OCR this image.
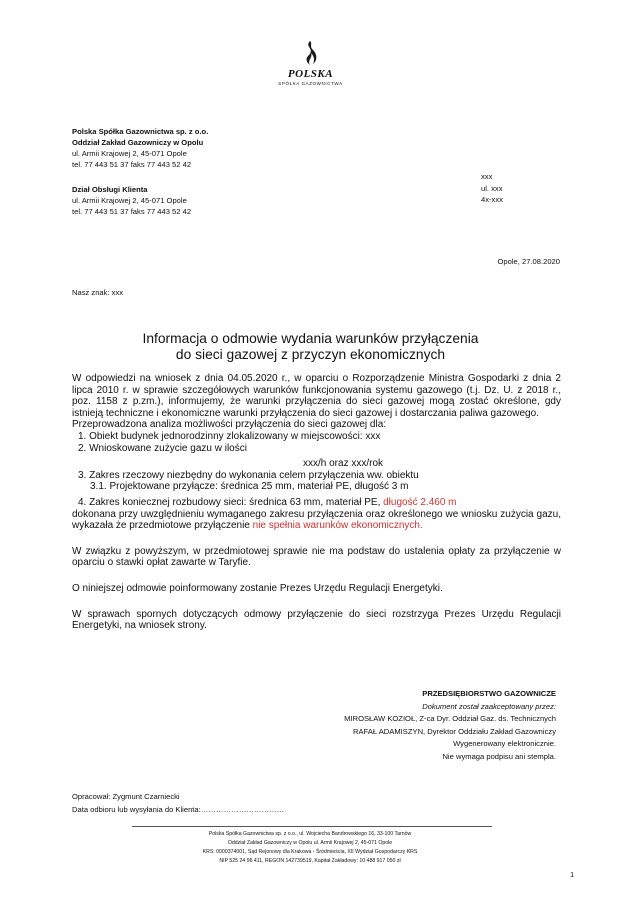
POLSKA
SPÓŁKA GAZOWNICTWA
Polska Spółka Gazownictwa sp. z o.o.
Oddział Zakład Gazowniczy w Opolu
ul. Armii Krajowej 2, 45-071 Opole
tel. 77 443 51 37 faks 77 443 52 42
Dział Obsługi Klienta
ul. Armii Krajowej 2, 45-071 Opole
tel. 77 443 51 37 faks 77 443 52 42
xxx
ul. xxx
4x-xxx
Opole, 27.08.2020
Nasz znak: xxx
Informacja o odmowie wydania warunków przyłączenia
do sieci gazowej z przyczyn ekonomicznych
W odpowiedzi na wniosek z dnia 04.05.2020 r., w oparciu o Rozporządzenie Ministra Gospodarki z dnia 2 lipca 2010 r. w sprawie szczegółowych warunków funkcjonowania systemu gazowego (t.j. Dz. U. z 2018 r., poz. 1158 z p.zm.), informujemy, że warunki przyłączenia do sieci gazowej mogą zostać określone, gdy istnieją techniczne i ekonomiczne warunki przyłączenia do sieci gazowej i dostarczania paliwa gazowego.
Przeprowadzona analiza możliwości przyłączenia do sieci gazowej dla:
1. Obiekt budynek jednorodzinny zlokalizowany w miejscowości: xxx
2. Wnioskowane zużycie gazu w ilości
xxx/h oraz xxx/rok
3. Zakres rzeczowy niezbędny do wykonania celem przyłączenia ww. obiektu
3.1. Projektowane przyłącze: średnica 25 mm, materiał PE, długość 3 m
4. Zakres koniecznej rozbudowy sieci: średnica 63 mm, materiał PE, długość 2.460 m
dokonana przy uwzględnieniu wymaganego zakresu przyłączenia oraz określonego we wniosku zużycia gazu, wykazała że przedmiotowe przyłączenie nie spełnia warunków ekonomicznych.
W związku z powyższym, w przedmiotowej sprawie nie ma podstaw do ustalenia opłaty za przyłączenie w oparciu o stawki opłat zawarte w Taryfie.
O niniejszej odmowie poinformowany zostanie Prezes Urzędu Regulacji Energetyki.
W sprawach spornych dotyczących odmowy przyłączenie do sieci rozstrzyga Prezes Urzędu Regulacji Energetyki, na wniosek strony.
PRZEDSIĘBIORSTWO GAZOWNICZE
Dokument został zaakceptowany przez:
MIROSŁAW KOZIOŁ, Z-ca Dyr. Oddział Gaz. ds. Technicznych
RAFAŁ ADAMISZYN, Dyrektor Oddziału Zakład Gazowniczy
Wygenerowany elektronicznie.
Nie wymaga podpisu ani stempla.
Opracował: Zygmunt Czarniecki
Data odbioru lub wysyłania do Klienta:……………………………
Polska Spółka Gazownictwa sp. z o.o., ul. Wojciecha Bandrowskiego 16, 33-100 Tarnów
Oddział Zakład Gazowniczy w Opolu ul. Armii Krajowej 2, 45-071 Opole
KRS: 0000374001, Sąd Rejonowy dla Krakowa - Śródmieścia, XII Wydział Gospodarczy KRS
NIP 525 24 96 411, REGON 142739519, Kapitał Zakładowy: 10 488 917 050 zł
1
